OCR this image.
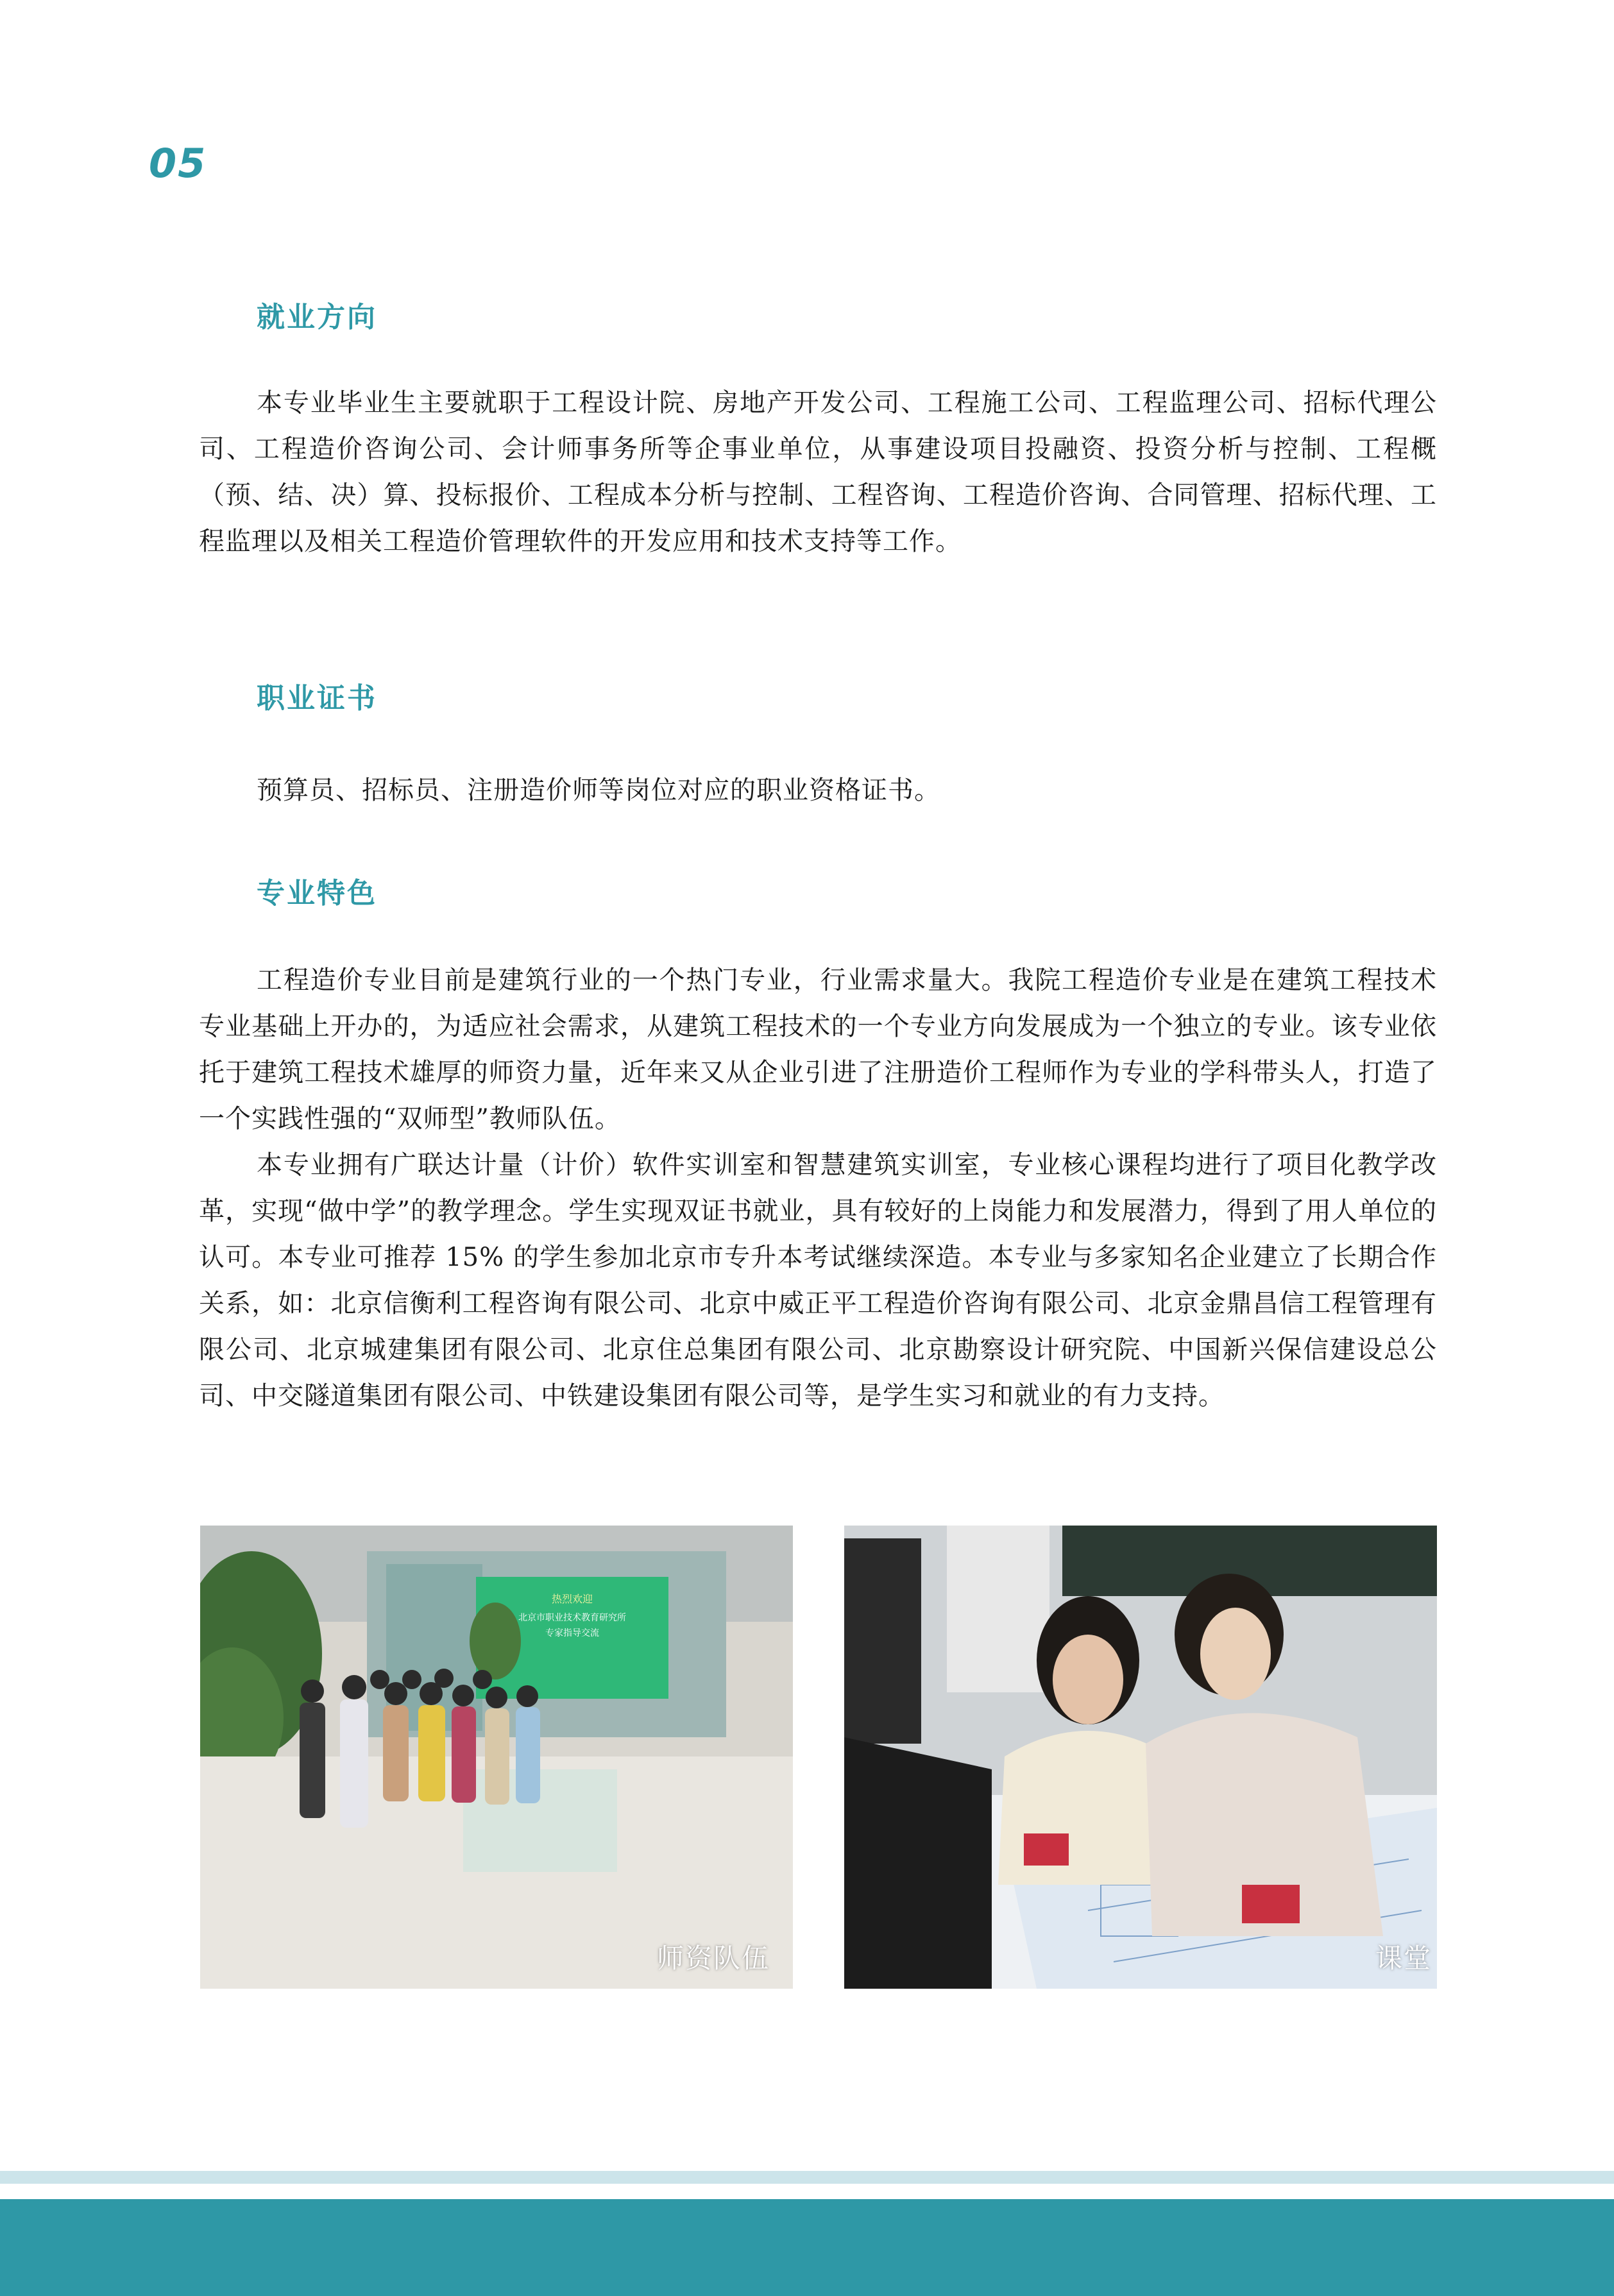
05
就业方向

本专业毕业生主要就职于工程设计院、房地产开发公司、工程施工公司、工程监理公司、招标代理公司、工程造价咨询公司、会计师事务所等企事业单位，从事建设项目投融资、投资分析与控制、工程概（预、结、决）算、投标报价、工程成本分析与控制、工程咨询、工程造价咨询、合同管理、招标代理、工程监理以及相关工程造价管理软件的开发应用和技术支持等工作。

职业证书

预算员、招标员、注册造价师等岗位对应的职业资格证书。

专业特色

工程造价专业目前是建筑行业的一个热门专业，行业需求量大。我院工程造价专业是在建筑工程技术专业基础上开办的，为适应社会需求，从建筑工程技术的一个专业方向发展成为一个独立的专业。该专业依托于建筑工程技术雄厚的师资力量，近年来又从企业引进了注册造价工程师作为专业的学科带头人，打造了一个实践性强的“双师型”教师队伍。

本专业拥有广联达计量（计价）软件实训室和智慧建筑实训室，专业核心课程均进行了项目化教学改革，实现“做中学”的教学理念。学生实现双证书就业，具有较好的上岗能力和发展潜力，得到了用人单位的认可。本专业可推荐 15% 的学生参加北京市专升本考试继续深造。本专业与多家知名企业建立了长期合作关系，如：北京信衡利工程咨询有限公司、北京中威正平工程造价咨询有限公司、北京金鼎昌信工程管理有限公司、北京城建集团有限公司、北京住总集团有限公司、北京勘察设计研究院、中国新兴保信建设总公司、中交隧道集团有限公司、中铁建设集团有限公司等，是学生实习和就业的有力支持。

热烈欢迎
北京市职业技术教育研究所
专家指导交流
师资队伍	课堂
